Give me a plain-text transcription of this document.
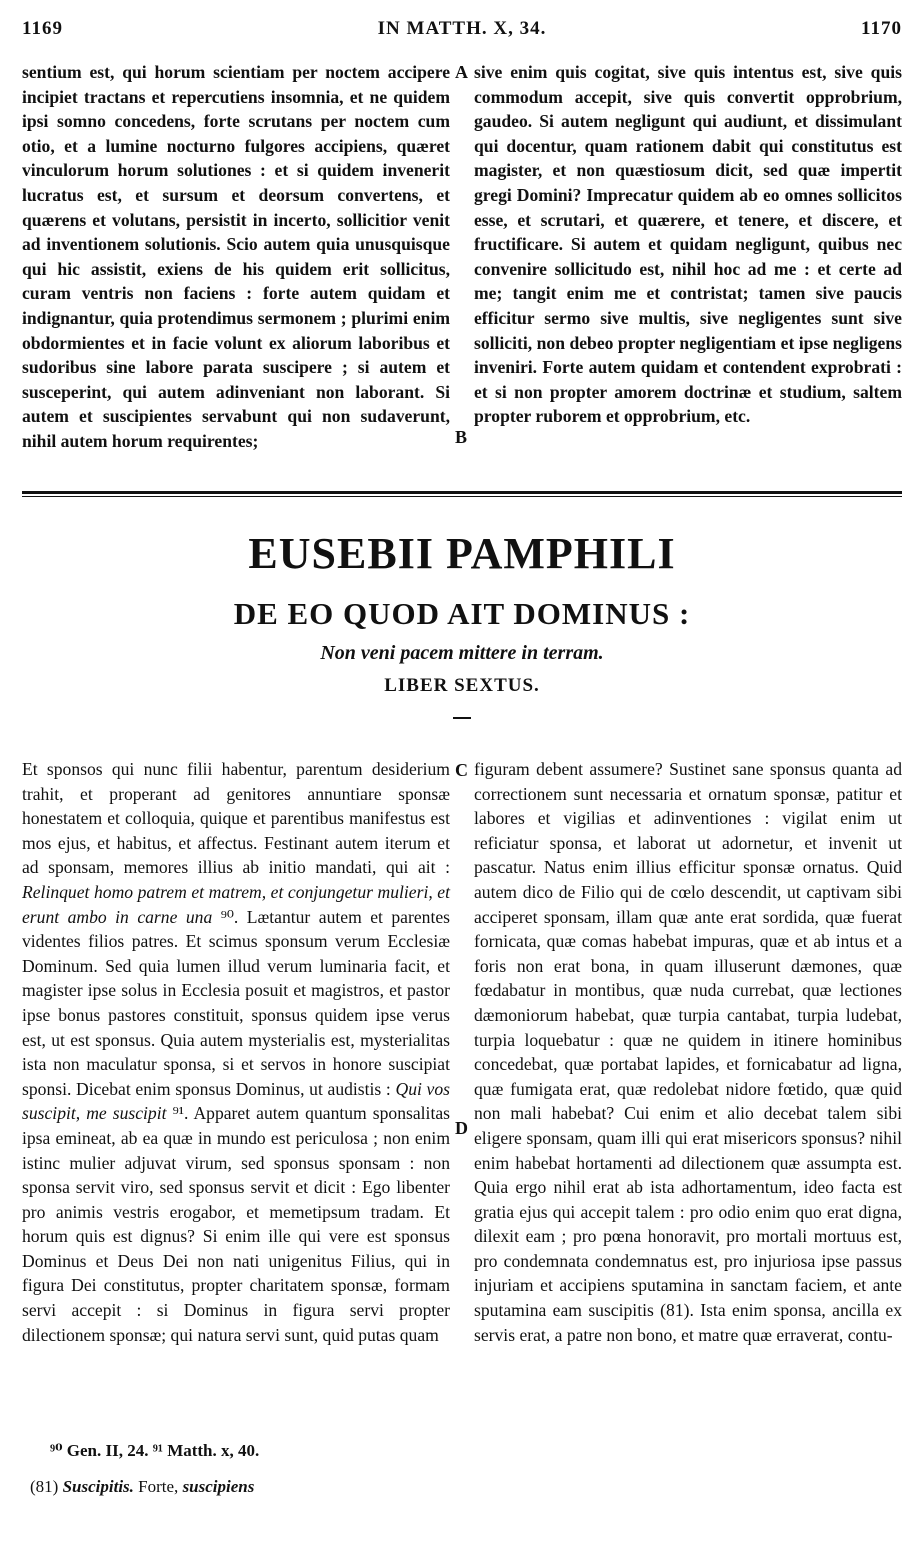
1169	IN MATTH. X, 34.	1170
sentium est, qui horum scientiam per noctem accipere incipiet tractans et repercutiens insomnia, et ne quidem ipsi somno concedens, forte scrutans per noctem cum otio, et a lumine nocturno fulgores accipiens, quæret vinculorum horum solutiones : et si quidem invenerit lucratus est, et sursum et deorsum convertens, et quærens et volutans, persistit in incerto, sollicitior venit ad inventionem solutionis. Scio autem quia unusquisque qui hic assistit, exiens de his quidem erit sollicitus, curam ventris non faciens : forte autem quidam et indignantur, quia protendimus sermonem ; plurimi enim obdormientes et in facie volunt ex aliorum laboribus et sudoribus sine labore parata suscipere ; si autem et susceperint, qui autem adinveniant non laborant. Si autem et suscipientes servabunt qui non sudaverunt, nihil autem horum requirentes;
sive enim quis cogitat, sive quis intentus est, sive quis commodum accepit, sive quis convertit opprobrium, gaudeo. Si autem negligunt qui audiunt, et dissimulant qui docentur, quam rationem dabit qui constitutus est magister, et non quæstiosum dicit, sed quæ impertit gregi Domini? Imprecatur quidem ab eo omnes sollicitos esse, et scrutari, et quærere, et tenere, et discere, et fructificare. Si autem et quidam negligunt, quibus nec convenire sollicitudo est, nihil hoc ad me : et certe ad me; tangit enim me et contristat; tamen sive paucis efficitur sermo sive multis, sive negligentes sunt sive solliciti, non debeo propter negligentiam et ipse negligens inveniri. Forte autem quidam et contendent exprobrati : et si non propter amorem doctrinæ et studium, saltem propter ruborem et opprobrium, etc.
A
B
EUSEBII PAMPHILI
DE EO QUOD AIT DOMINUS :
Non veni pacem mittere in terram.
LIBER SEXTUS.
Et sponsos qui nunc filii habentur, parentum desiderium trahit, et properant ad genitores annuntiare sponsæ honestatem et colloquia, quique et parentibus manifestus est mos ejus, et habitus, et affectus. Festinant autem iterum et ad sponsam, memores illius ab initio mandati, qui ait : Relinquet homo patrem et matrem, et conjungetur mulieri, et erunt ambo in carne una ⁹⁰. Lætantur autem et parentes videntes filios patres. Et scimus sponsum verum Ecclesiæ Dominum. Sed quia lumen illud verum luminaria facit, et magister ipse solus in Ecclesia posuit et magistros, et pastor ipse bonus pastores constituit, sponsus quidem ipse verus est, ut est sponsus. Quia autem mysterialis est, mysterialitas ista non maculatur sponsa, si et servos in honore suscipiat sponsi. Dicebat enim sponsus Dominus, ut audistis : Qui vos suscipit, me suscipit ⁹¹. Apparet autem quantum sponsalitas ipsa emineat, ab ea quæ in mundo est periculosa ; non enim istinc mulier adjuvat virum, sed sponsus sponsam : non sponsa servit viro, sed sponsus servit et dicit : Ego libenter pro animis vestris erogabor, et memetipsum tradam. Et horum quis est dignus? Si enim ille qui vere est sponsus Dominus et Deus Dei non nati unigenitus Filius, qui in figura Dei constitutus, propter charitatem sponsæ, formam servi accepit : si Dominus in figura servi propter dilectionem sponsæ; qui natura servi sunt, quid putas quam
figuram debent assumere? Sustinet sane sponsus quanta ad correctionem sunt necessaria et ornatum sponsæ, patitur et labores et vigilias et adinventiones : vigilat enim ut reficiatur sponsa, et laborat ut adornetur, et invenit ut pascatur. Natus enim illius efficitur sponsæ ornatus. Quid autem dico de Filio qui de cœlo descendit, ut captivam sibi acciperet sponsam, illam quæ ante erat sordida, quæ fuerat fornicata, quæ comas habebat impuras, quæ et ab intus et a foris non erat bona, in quam illuserunt dæmones, quæ fœdabatur in montibus, quæ nuda currebat, quæ lectiones dæmoniorum habebat, quæ turpia cantabat, turpia ludebat, turpia loquebatur : quæ ne quidem in itinere hominibus concedebat, quæ portabat lapides, et fornicabatur ad ligna, quæ fumigata erat, quæ redolebat nidore fœtido, quæ quid non mali habebat? Cui enim et alio decebat talem sibi eligere sponsam, quam illi qui erat misericors sponsus? nihil enim habebat hortamenti ad dilectionem quæ assumpta est. Quia ergo nihil erat ab ista adhortamentum, ideo facta est gratia ejus qui accepit talem : pro odio enim quo erat digna, dilexit eam ; pro pœna honoravit, pro mortali mortuus est, pro condemnata condemnatus est, pro injuriosa ipse passus injuriam et accipiens sputamina in sanctam faciem, et ante sputamina eam suscipitis (81). Ista enim sponsa, ancilla ex servis erat, a patre non bono, et matre quæ erraverat, contu-
C
D
⁹⁰ Gen. II, 24. ⁹¹ Matth. x, 40.
(81) Suscipitis. Forte, suscipiens
